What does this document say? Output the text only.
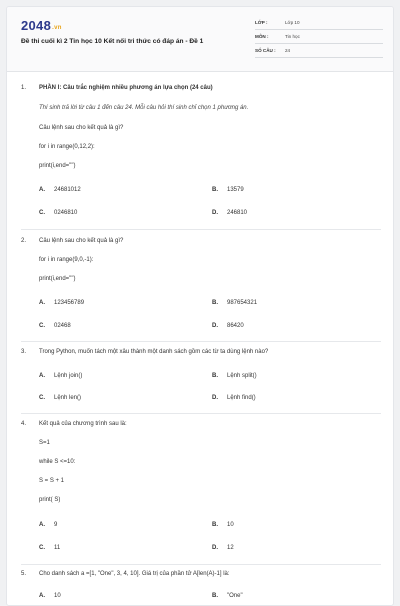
2048.vn
Đề thi cuối kì 2 Tin học 10 Kết nối tri thức có đáp án - Đề 1
LỚP :	Lớp 10
MÔN :	Tin học
SỐ CÂU : 24
1. PHẦN I: Câu trắc nghiệm nhiều phương án lựa chọn (24 câu)
Thí sinh trả lời từ câu 1 đến câu 24. Mỗi câu hỏi thí sinh chỉ chọn 1 phương án.
Câu lệnh sau cho kết quả là gì?
for i in range(0,12,2):
print(i,end="")
A. 24681012	B. 13579
C. 0246810	D. 246810
2. Câu lệnh sau cho kết quả là gì?
for i in range(9,0,-1):
print(i,end="")
A. 123456789	B. 987654321
C. 02468	D. 86420
3. Trong Python, muốn tách một xâu thành một danh sách gồm các từ ta dùng lệnh nào?
A. Lệnh join()	B. Lệnh split()
C. Lệnh len()	D. Lệnh find()
4. Kết quả của chương trình sau là:
S=1
while S <=10:
S = S + 1
print( S)
A. 9	B. 10
C. 11	D. 12
5. Cho danh sách a =[1, "One", 3, 4, 10]. Giá trị của phần tử A[len(A)-1] là:
A. 10	B. "One"
